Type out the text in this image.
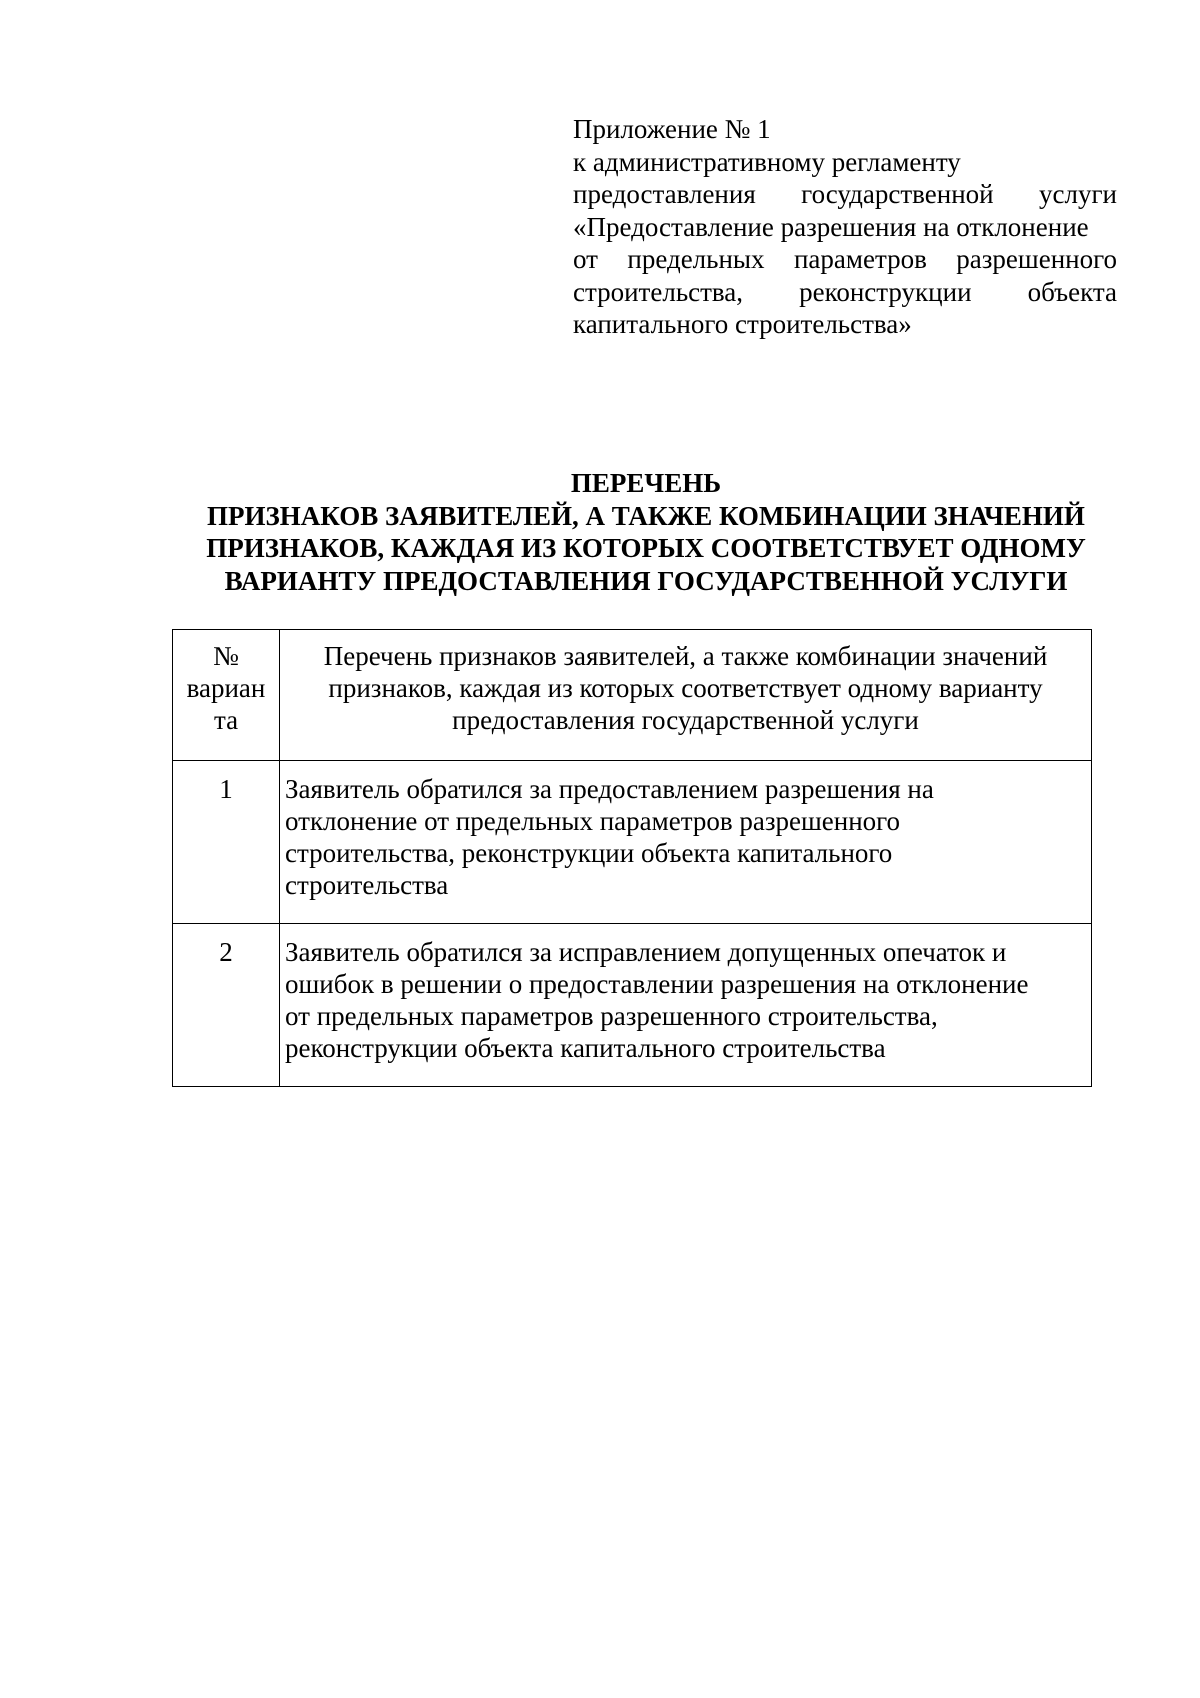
Приложение № 1
к административному регламенту
предоставления государственной услуги
«Предоставление разрешения на отклонение
от предельных параметров разрешенного
строительства, реконструкции объекта
капитального строительства»
ПЕРЕЧЕНЬ
ПРИЗНАКОВ ЗАЯВИТЕЛЕЙ, А ТАКЖЕ КОМБИНАЦИИ ЗНАЧЕНИЙ
ПРИЗНАКОВ, КАЖДАЯ ИЗ КОТОРЫХ СООТВЕТСТВУЕТ ОДНОМУ
ВАРИАНТУ ПРЕДОСТАВЛЕНИЯ ГОСУДАРСТВЕННОЙ УСЛУГИ
№
вариан
та	Перечень признаков заявителей, а также комбинации значений
признаков, каждая из которых соответствует одному варианту
предоставления государственной услуги

1	Заявитель обратился за предоставлением разрешения на
отклонение от предельных параметров разрешенного
строительства, реконструкции объекта капитального
строительства

2	Заявитель обратился за исправлением допущенных опечаток и
ошибок в решении о предоставлении разрешения на отклонение
от предельных параметров разрешенного строительства,
реконструкции объекта капитального строительства
